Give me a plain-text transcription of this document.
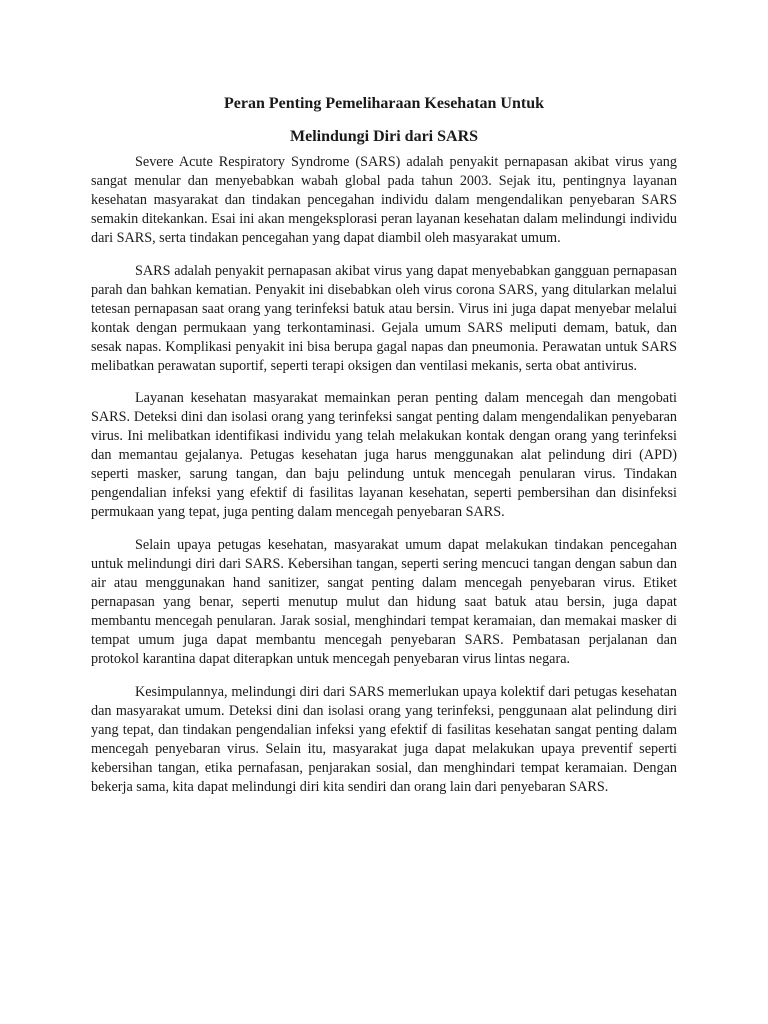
Peran Penting Pemeliharaan Kesehatan Untuk

Melindungi Diri dari SARS

Severe Acute Respiratory Syndrome (SARS) adalah penyakit pernapasan akibat virus yang sangat menular dan menyebabkan wabah global pada tahun 2003. Sejak itu, pentingnya layanan kesehatan masyarakat dan tindakan pencegahan individu dalam mengendalikan penyebaran SARS semakin ditekankan. Esai ini akan mengeksplorasi peran layanan kesehatan dalam melindungi individu dari SARS, serta tindakan pencegahan yang dapat diambil oleh masyarakat umum.

SARS adalah penyakit pernapasan akibat virus yang dapat menyebabkan gangguan pernapasan parah dan bahkan kematian. Penyakit ini disebabkan oleh virus corona SARS, yang ditularkan melalui tetesan pernapasan saat orang yang terinfeksi batuk atau bersin. Virus ini juga dapat menyebar melalui kontak dengan permukaan yang terkontaminasi. Gejala umum SARS meliputi demam, batuk, dan sesak napas. Komplikasi penyakit ini bisa berupa gagal napas dan pneumonia. Perawatan untuk SARS melibatkan perawatan suportif, seperti terapi oksigen dan ventilasi mekanis, serta obat antivirus.

Layanan kesehatan masyarakat memainkan peran penting dalam mencegah dan mengobati SARS. Deteksi dini dan isolasi orang yang terinfeksi sangat penting dalam mengendalikan penyebaran virus. Ini melibatkan identifikasi individu yang telah melakukan kontak dengan orang yang terinfeksi dan memantau gejalanya. Petugas kesehatan juga harus menggunakan alat pelindung diri (APD) seperti masker, sarung tangan, dan baju pelindung untuk mencegah penularan virus. Tindakan pengendalian infeksi yang efektif di fasilitas layanan kesehatan, seperti pembersihan dan disinfeksi permukaan yang tepat, juga penting dalam mencegah penyebaran SARS.

Selain upaya petugas kesehatan, masyarakat umum dapat melakukan tindakan pencegahan untuk melindungi diri dari SARS. Kebersihan tangan, seperti sering mencuci tangan dengan sabun dan air atau menggunakan hand sanitizer, sangat penting dalam mencegah penyebaran virus. Etiket pernapasan yang benar, seperti menutup mulut dan hidung saat batuk atau bersin, juga dapat membantu mencegah penularan. Jarak sosial, menghindari tempat keramaian, dan memakai masker di tempat umum juga dapat membantu mencegah penyebaran SARS. Pembatasan perjalanan dan protokol karantina dapat diterapkan untuk mencegah penyebaran virus lintas negara.

Kesimpulannya, melindungi diri dari SARS memerlukan upaya kolektif dari petugas kesehatan dan masyarakat umum. Deteksi dini dan isolasi orang yang terinfeksi, penggunaan alat pelindung diri yang tepat, dan tindakan pengendalian infeksi yang efektif di fasilitas kesehatan sangat penting dalam mencegah penyebaran virus. Selain itu, masyarakat juga dapat melakukan upaya preventif seperti kebersihan tangan, etika pernafasan, penjarakan sosial, dan menghindari tempat keramaian. Dengan bekerja sama, kita dapat melindungi diri kita sendiri dan orang lain dari penyebaran SARS.
